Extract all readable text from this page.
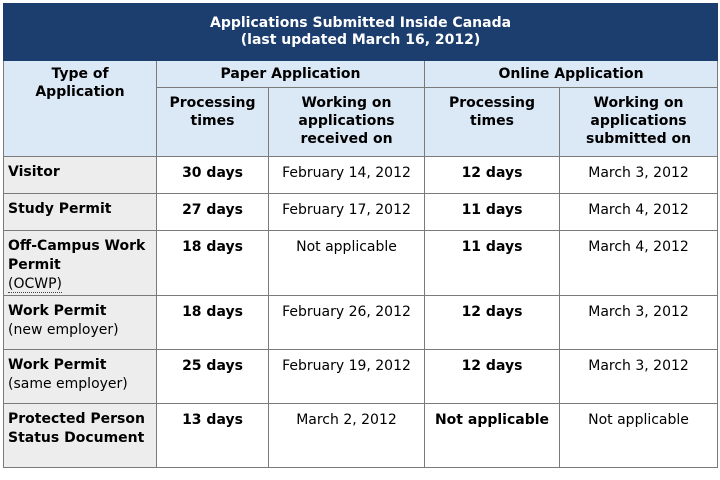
Applications Submitted Inside Canada
(last updated March 16, 2012)				

Type of Application	Paper Application		Online Application	
	Processing times	Working on applications received on	Processing times	Working on applications submitted on
Visitor	30 days	February 14, 2012	12 days	March 3, 2012
Study Permit	27 days	February 17, 2012	11 days	March 4, 2012
Off-Campus Work Permit
(OCWP)	18 days	Not applicable	11 days	March 4, 2012
Work Permit
(new employer)	18 days	February 26, 2012	12 days	March 3, 2012
Work Permit
(same employer)	25 days	February 19, 2012	12 days	March 3, 2012
Protected Person Status Document	13 days	March 2, 2012	Not applicable	Not applicable
